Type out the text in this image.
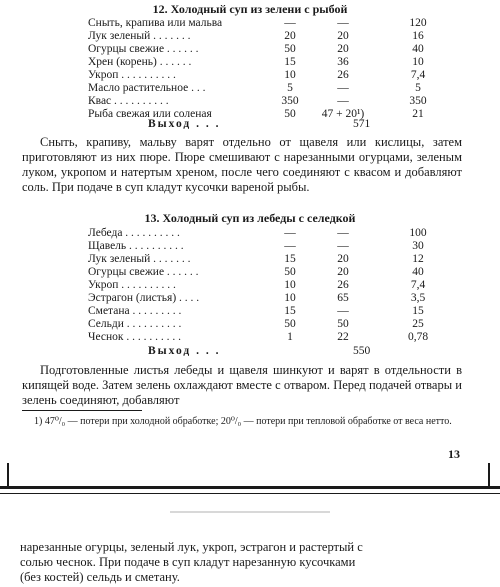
12. Холодный суп из зелени с рыбой
Сныть, крапива или мальва	—	—	120
Лук зеленый . . . . . . .	20	20	16
Огурцы свежие . . . . . .	50	20	40
Хрен (корень) . . . . . .	15	36	10
Укроп . . . . . . . . . .	10	26	7,4
Масло растительное . . .	5	—	5
Квас . . . . . . . . . .	350	—	350
Рыба свежая или соленая	50	47 + 20¹)	21
Выход . . .	571

Сныть, крапиву, мальву варят отдельно от щавеля или кислицы, затем приготовляют из них пюре. Пюре смешивают с нарезанными огурцами, зеленым луком, укропом и натертым хреном, после чего соединяют с квасом и добавляют соль. При подаче в суп кладут кусочки вареной рыбы.

13. Холодный суп из лебеды с селедкой
Лебеда . . . . . . . . . .	—	—	100
Щавель . . . . . . . . . .	—	—	30
Лук зеленый . . . . . . .	15	20	12
Огурцы свежие . . . . . .	50	20	40
Укроп . . . . . . . . . .	10	26	7,4
Эстрагон (листья) . . . .	10	65	3,5
Сметана . . . . . . . . .	15	—	15
Сельди . . . . . . . . . .	50	50	25
Чеснок . . . . . . . . . .	1	22	0,78
Выход . . .	550

Подготовленные листья лебеды и щавеля шинкуют и варят в отдельности в кипящей воде. Затем зелень охлаждают вместе с отваром. Перед подачей отвары и зелень соединяют, добавляют

1) 47⁰/₀ — потери при холодной обработке; 20⁰/₀ — потери при тепловой обработке от веса нетто.
13
нарезанные огурцы, зеленый лук, укроп, эстрагон и растертый с
солью чеснок. При подаче в суп кладут нарезанную кусочками
(без костей) сельдь и сметану.
